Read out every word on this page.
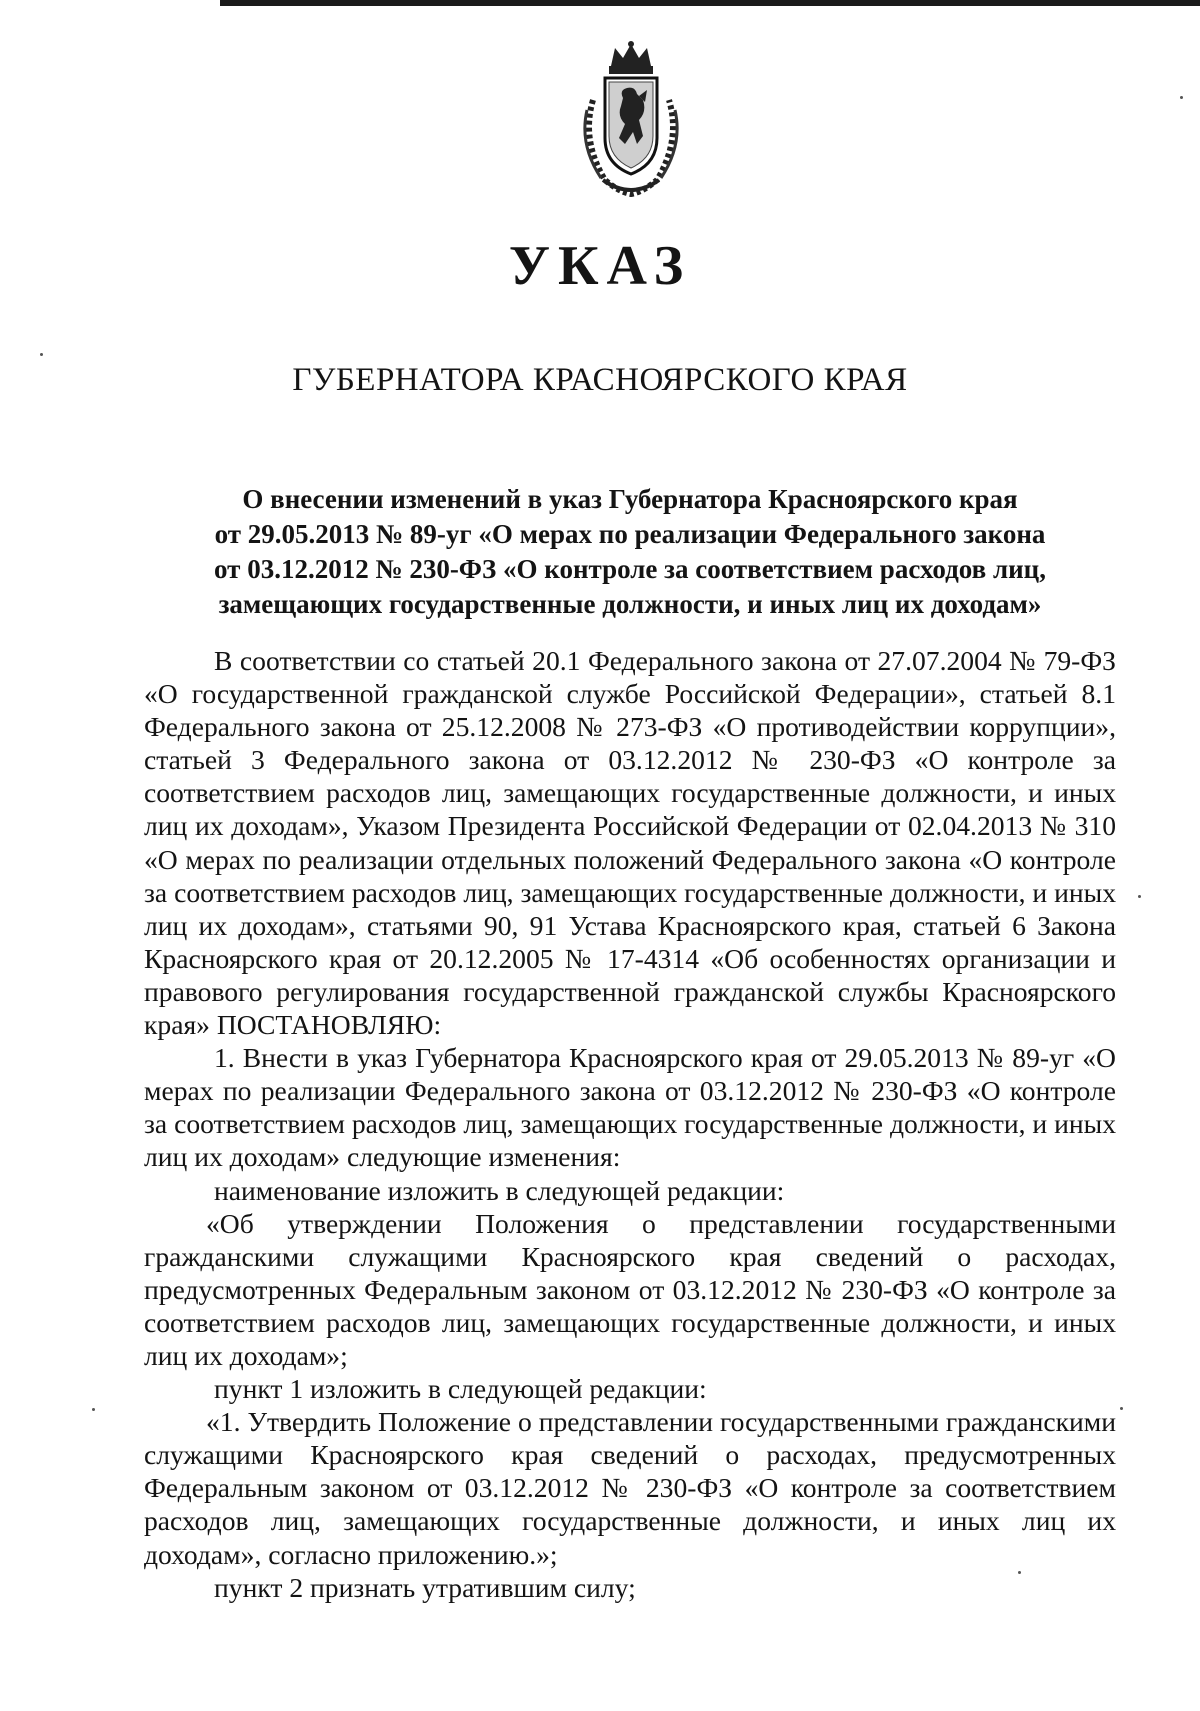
УКАЗ
ГУБЕРНАТОРА КРАСНОЯРСКОГО КРАЯ
О внесении изменений в указ Губернатора Красноярского края
от 29.05.2013 № 89-уг «О мерах по реализации Федерального закона
от 03.12.2012 № 230-ФЗ «О контроле за соответствием расходов лиц,
замещающих государственные должности, и иных лиц их доходам»

В соответствии со статьей 20.1 Федерального закона от 27.07.2004 № 79-ФЗ «О государственной гражданской службе Российской Федерации», статьей 8.1 Федерального закона от 25.12.2008 № 273-ФЗ «О противодействии коррупции», статьей 3 Федерального закона от 03.12.2012 № 230-ФЗ «О контроле за соответствием расходов лиц, замещающих государственные должности, и иных лиц их доходам», Указом Президента Российской Федерации от 02.04.2013 № 310 «О мерах по реализации отдельных положений Федерального закона «О контроле за соответствием расходов лиц, замещающих государственные должности, и иных лиц их доходам», статьями 90, 91 Устава Красноярского края, статьей 6 Закона Красноярского края от 20.12.2005 № 17-4314 «Об особенностях организации и правового регулирования государственной гражданской службы Красноярского края» ПОСТАНОВЛЯЮ:

1. Внести в указ Губернатора Красноярского края от 29.05.2013 № 89-уг «О мерах по реализации Федерального закона от 03.12.2012 № 230-ФЗ «О контроле за соответствием расходов лиц, замещающих государственные должности, и иных лиц их доходам» следующие изменения:

наименование изложить в следующей редакции:

«Об утверждении Положения о представлении государственными гражданскими служащими Красноярского края сведений о расходах, предусмотренных Федеральным законом от 03.12.2012 № 230-ФЗ «О контроле за соответствием расходов лиц, замещающих государственные должности, и иных лиц их доходам»;

пункт 1 изложить в следующей редакции:

«1. Утвердить Положение о представлении государственными гражданскими служащими Красноярского края сведений о расходах, предусмотренных Федеральным законом от 03.12.2012 № 230-ФЗ «О контроле за соответствием расходов лиц, замещающих государственные должности, и иных лиц их доходам», согласно приложению.»;

пункт 2 признать утратившим силу;
